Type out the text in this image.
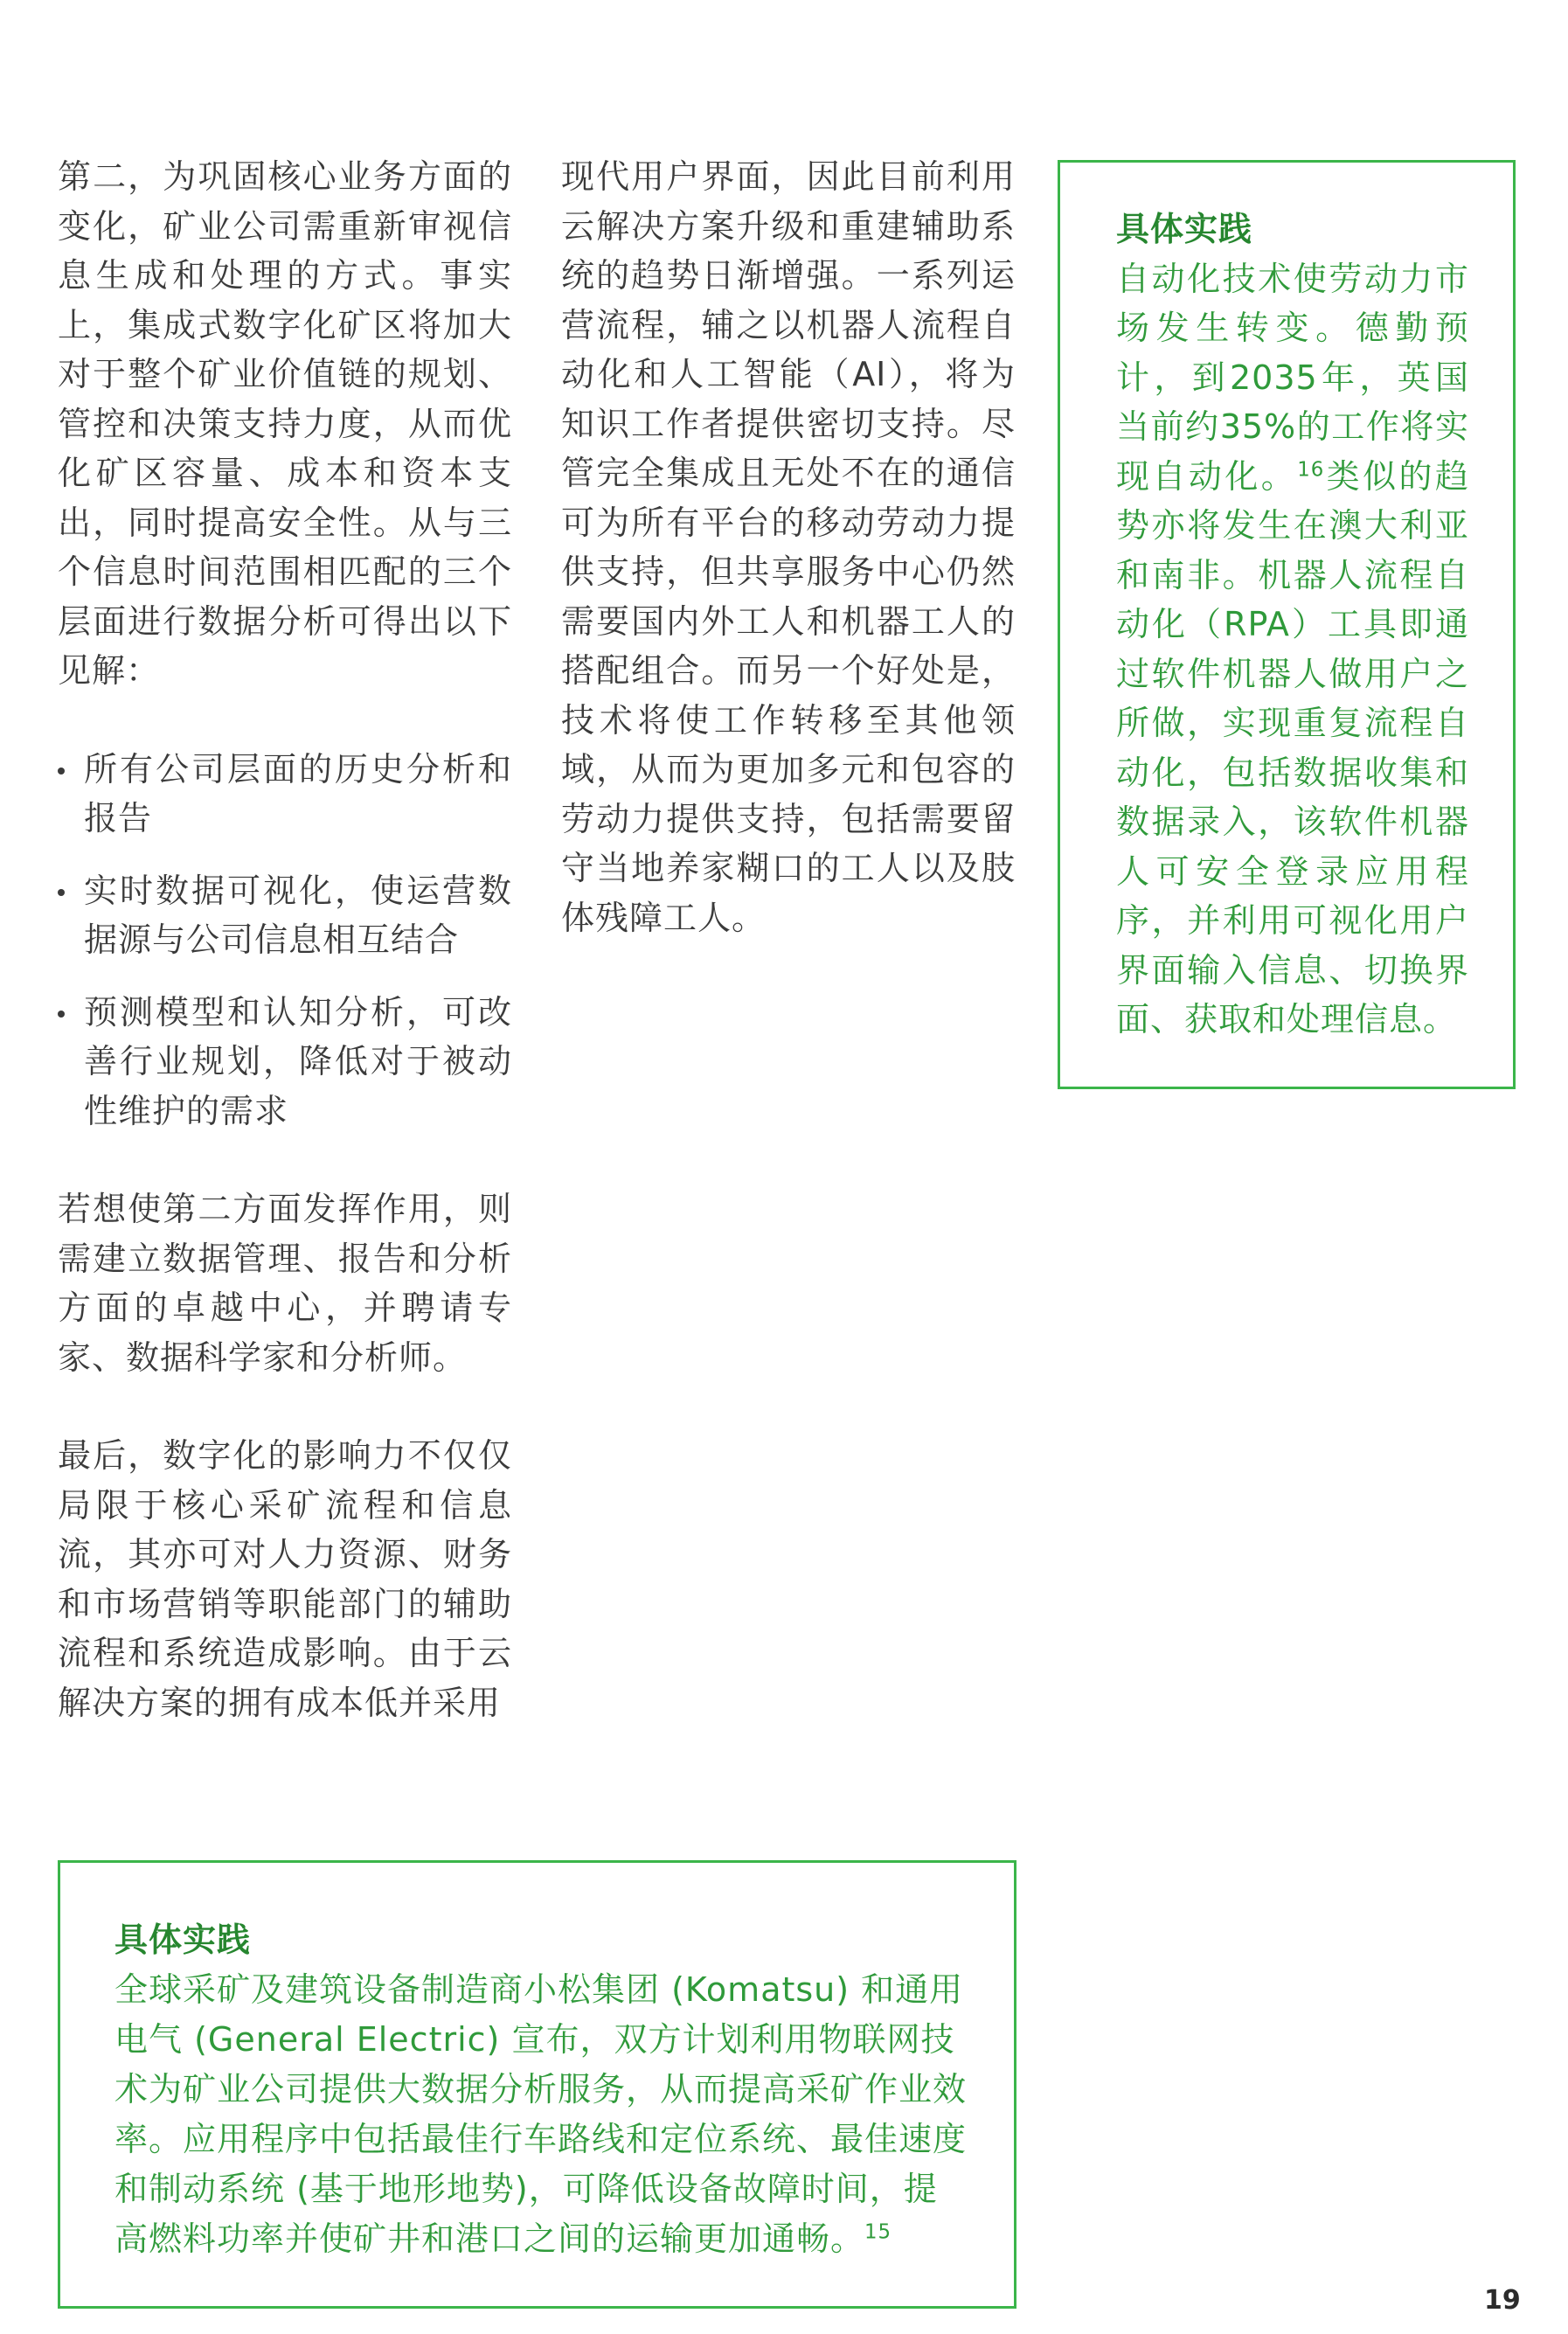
第二，为巩固核心业务方面的变化，矿业公司需重新审视信息生成和处理的方式。事实上，集成式数字化矿区将加大对于整个矿业价值链的规划、管控和决策支持力度，从而优化矿区容量、成本和资本支出，同时提高安全性。从与三个信息时间范围相匹配的三个层面进行数据分析可得出以下见解：

所有公司层面的历史分析和报告
实时数据可视化，使运营数据源与公司信息相互结合
预测模型和认知分析，可改善行业规划，降低对于被动性维护的需求

若想使第二方面发挥作用，则需建立数据管理、报告和分析方面的卓越中心，并聘请专家、数据科学家和分析师。

最后，数字化的影响力不仅仅局限于核心采矿流程和信息流，其亦可对人力资源、财务和市场营销等职能部门的辅助流程和系统造成影响。由于云解决方案的拥有成本低并采用

现代用户界面，因此目前利用云解决方案升级和重建辅助系统的趋势日渐增强。一系列运营流程，辅之以机器人流程自动化和人工智能（AI），将为知识工作者提供密切支持。尽管完全集成且无处不在的通信可为所有平台的移动劳动力提供支持，但共享服务中心仍然需要国内外工人和机器工人的搭配组合。而另一个好处是，技术将使工作转移至其他领域，从而为更加多元和包容的劳动力提供支持，包括需要留守当地养家糊口的工人以及肢体残障工人。

具体实践

自动化技术使劳动力市场发生转变。德勤预计，到2035年，英国当前约35%的工作将实现自动化。$^{16}$类似的趋势亦将发生在澳大利亚和南非。机器人流程自动化（RPA）工具即通过软件机器人做用户之所做，实现重复流程自动化，包括数据收集和数据录入，该软件机器人可安全登录应用程序，并利用可视化用户界面输入信息、切换界面、获取和处理信息。

具体实践

全球采矿及建筑设备制造商小松集团 (Komatsu) 和通用电气 (General Electric) 宣布，双方计划利用物联网技术为矿业公司提供大数据分析服务，从而提高采矿作业效率。应用程序中包括最佳行车路线和定位系统、最佳速度和制动系统 (基于地形地势)，可降低设备故障时间，提高燃料功率并使矿井和港口之间的运输更加通畅。$^{15}$

19
